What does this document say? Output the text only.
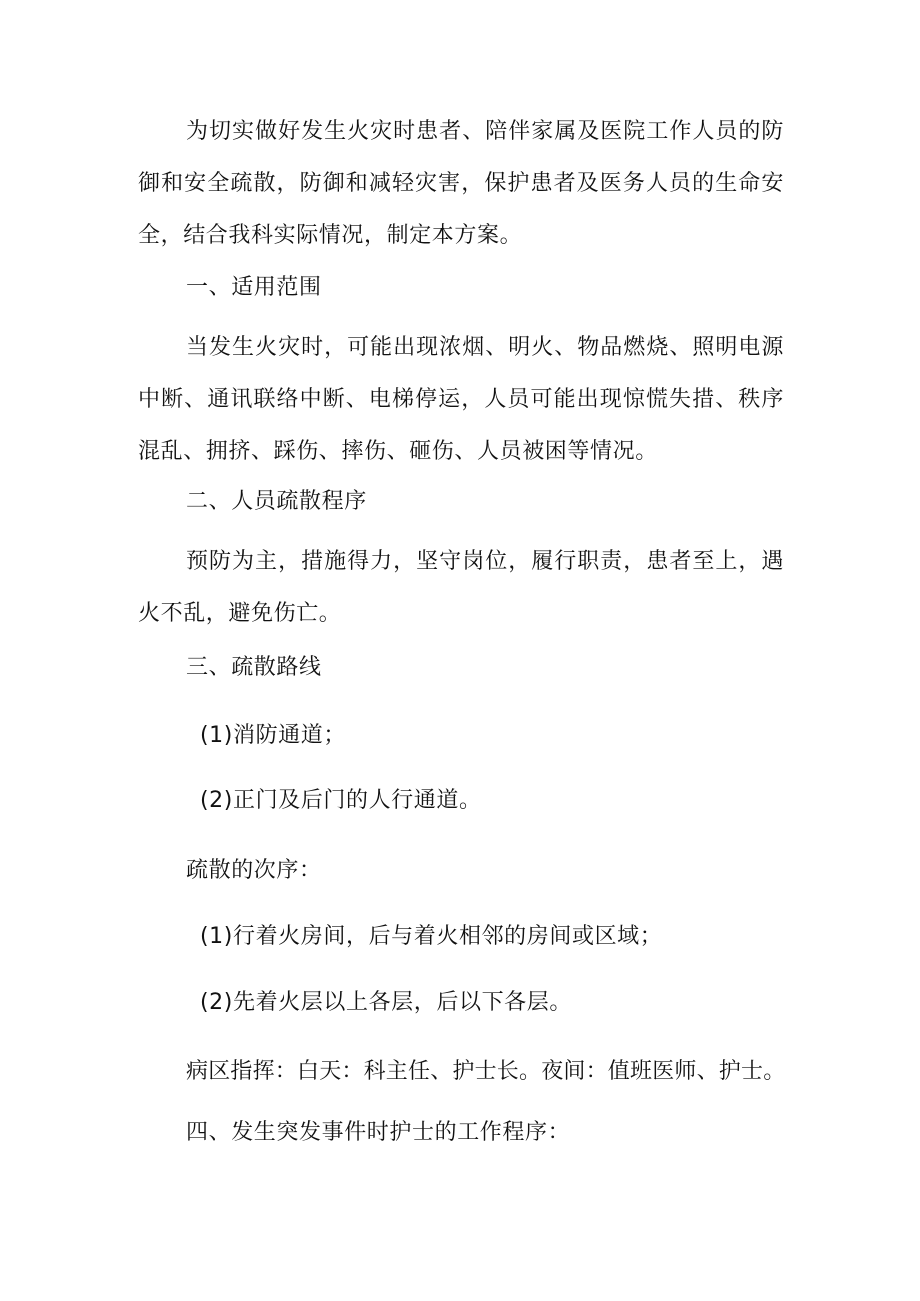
为切实做好发生火灾时患者、陪伴家属及医院工作人员的防御和安全疏散，防御和减轻灾害，保护患者及医务人员的生命安全，结合我科实际情况，制定本方案。

一、适用范围

当发生火灾时，可能出现浓烟、明火、物品燃烧、照明电源中断、通讯联络中断、电梯停运，人员可能出现惊慌失措、秩序混乱、拥挤、踩伤、摔伤、砸伤、人员被困等情况。

二、人员疏散程序

预防为主，措施得力，坚守岗位，履行职责，患者至上，遇火不乱，避免伤亡。

三、疏散路线

(1)消防通道；

(2)正门及后门的人行通道。

疏散的次序：

(1)行着火房间，后与着火相邻的房间或区域；

(2)先着火层以上各层，后以下各层。

病区指挥：白天：科主任、护士长。夜间：值班医师、护士。

四、发生突发事件时护士的工作程序：
